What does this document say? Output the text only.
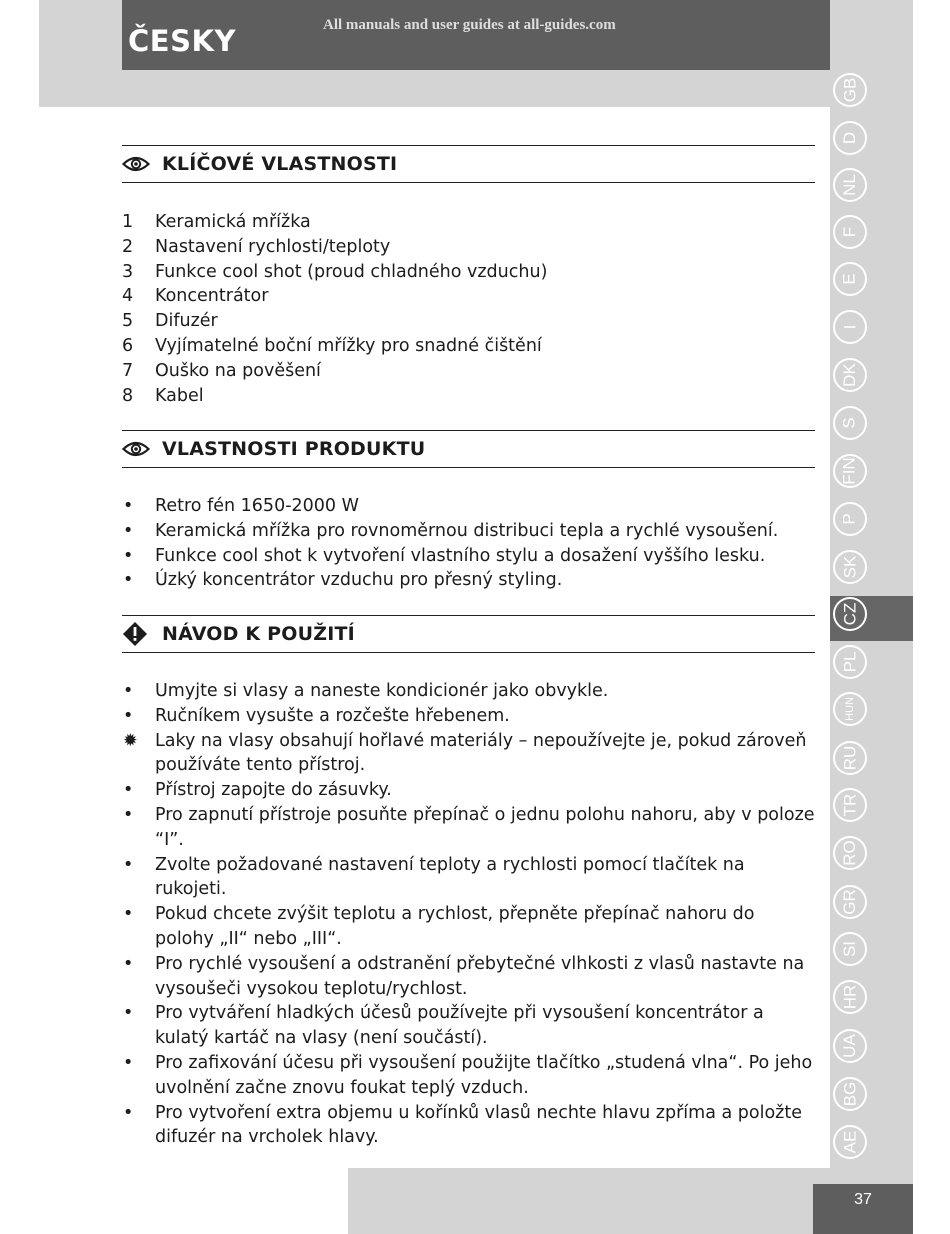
ČESKY	All manuals and user guides at all-guides.com
GB
D
NL
F
E
I
DK
S
FIN
P
SK
CZ
PL
HUN
RU
TR
RO
GR
SI
HR
UA
BG
AE
37
KLÍČOVÉ VLASTNOSTI
1	Keramická mřížka
2	Nastavení rychlosti/teploty
3	Funkce cool shot (proud chladného vzduchu)
4	Koncentrátor
5	Difuzér
6	Vyjímatelné boční mřížky pro snadné čištění
7	Ouško na pověšení
8	Kabel
VLASTNOSTI PRODUKTU
•	Retro fén 1650-2000 W
•	Keramická mřížka pro rovnoměrnou distribuci tepla a rychlé vysoušení.
•	Funkce cool shot k vytvoření vlastního stylu a dosažení vyššího lesku.
•	Úzký koncentrátor vzduchu pro přesný styling.
NÁVOD K POUŽITÍ
•	Umyjte si vlasy a naneste kondicionér jako obvykle.
•	Ručníkem vysušte a rozčešte hřebenem.
✹ Laky na vlasy obsahují hořlavé materiály – nepoužívejte je, pokud zároveň používáte tento přístroj.
•	Přístroj zapojte do zásuvky.
•	Pro zapnutí přístroje posuňte přepínač o jednu polohu nahoru, aby v poloze “I”.
•	Zvolte požadované nastavení teploty a rychlosti pomocí tlačítek na rukojeti.
•	Pokud chcete zvýšit teplotu a rychlost, přepněte přepínač nahoru do polohy „II“ nebo „III“.
•	Pro rychlé vysoušení a odstranění přebytečné vlhkosti z vlasů nastavte na vysoušeči vysokou teplotu/rychlost.
•	Pro vytváření hladkých účesů používejte při vysoušení koncentrátor a kulatý kartáč na vlasy (není součástí).
•	Pro zafixování účesu při vysoušení použijte tlačítko „studená vlna“. Po jeho uvolnění začne znovu foukat teplý vzduch.
•	Pro vytvoření extra objemu u kořínků vlasů nechte hlavu zpříma a položte difuzér na vrcholek hlavy.
